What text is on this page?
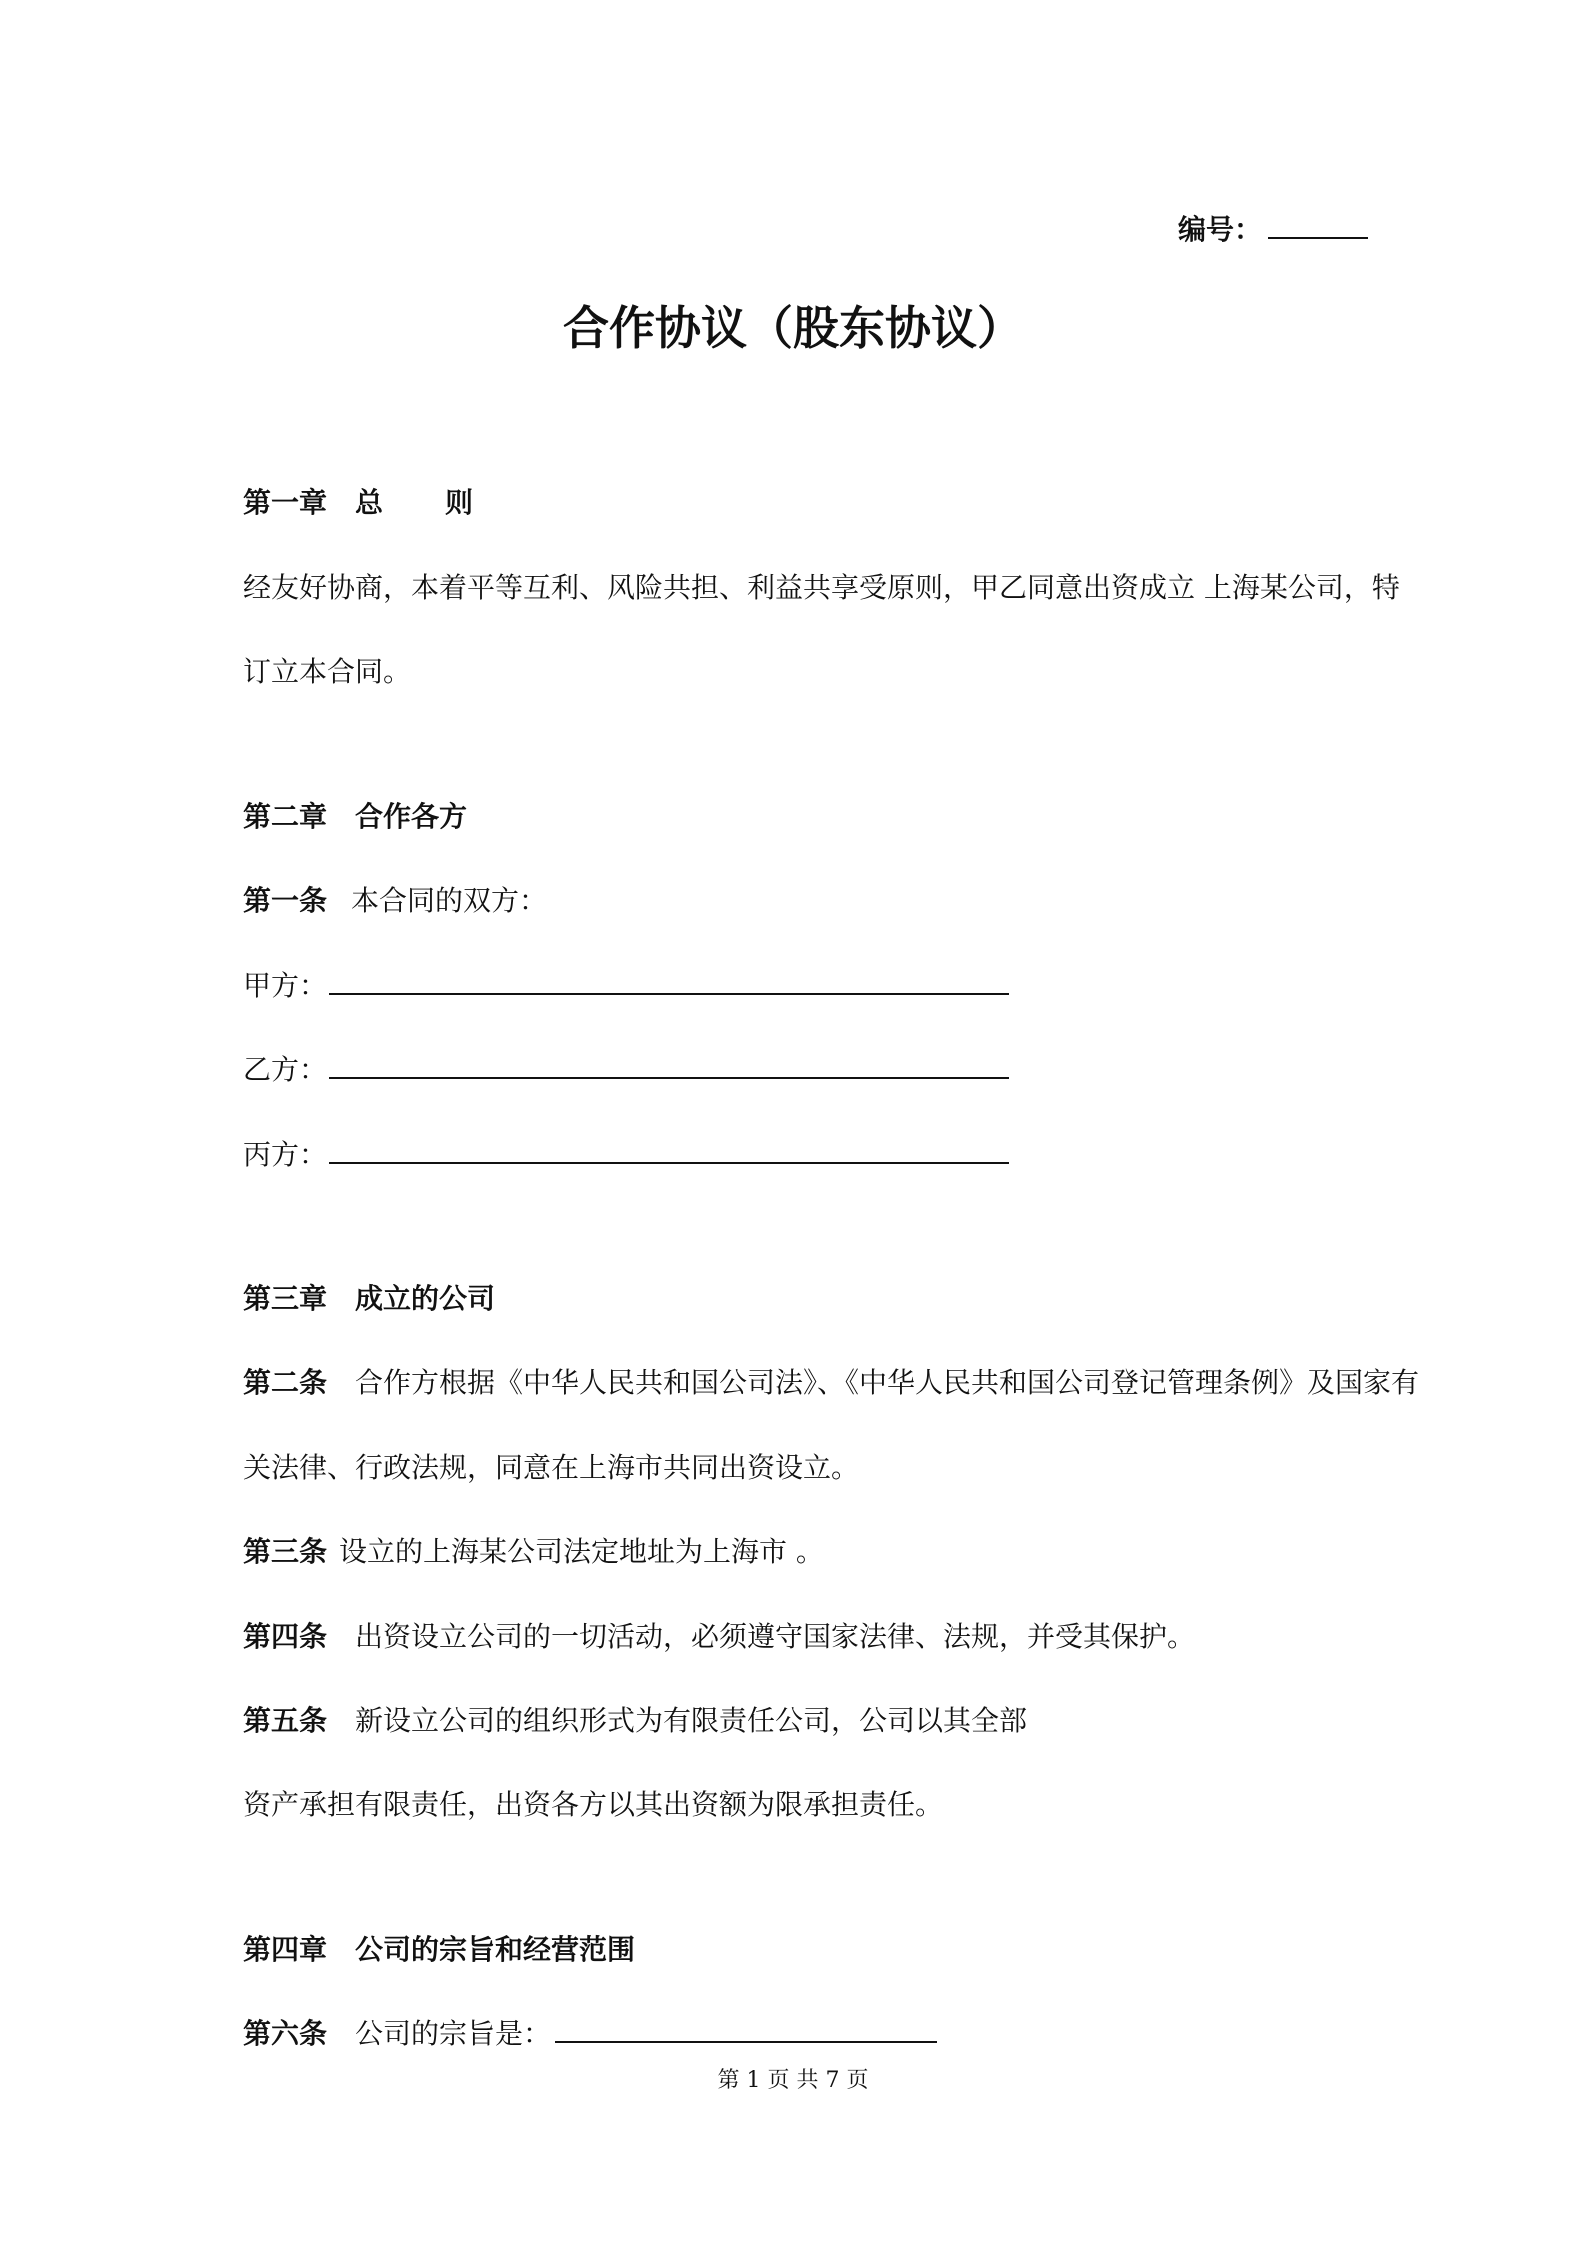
编号：
合作协议（股东协议）
第一章 总 则
经友好协商，本着平等互利、风险共担、利益共享受原则，甲乙同意出资成立 上海某公司，特
订立本合同。
第二章 合作各方
第一条 本合同的双方：
甲方：
乙方：
丙方：
第三章 成立的公司
第二条 合作方根据《中华人民共和国公司法》、《中华人民共和国公司登记管理条例》及国家有
关法律、行政法规，同意在上海市共同出资设立。
第三条 设立的上海某公司法定地址为上海市 。
第四条 出资设立公司的一切活动，必须遵守国家法律、法规，并受其保护。
第五条 新设立公司的组织形式为有限责任公司，公司以其全部
资产承担有限责任，出资各方以其出资额为限承担责任。
第四章 公司的宗旨和经营范围
第六条 公司的宗旨是：
第 1 页 共 7 页
